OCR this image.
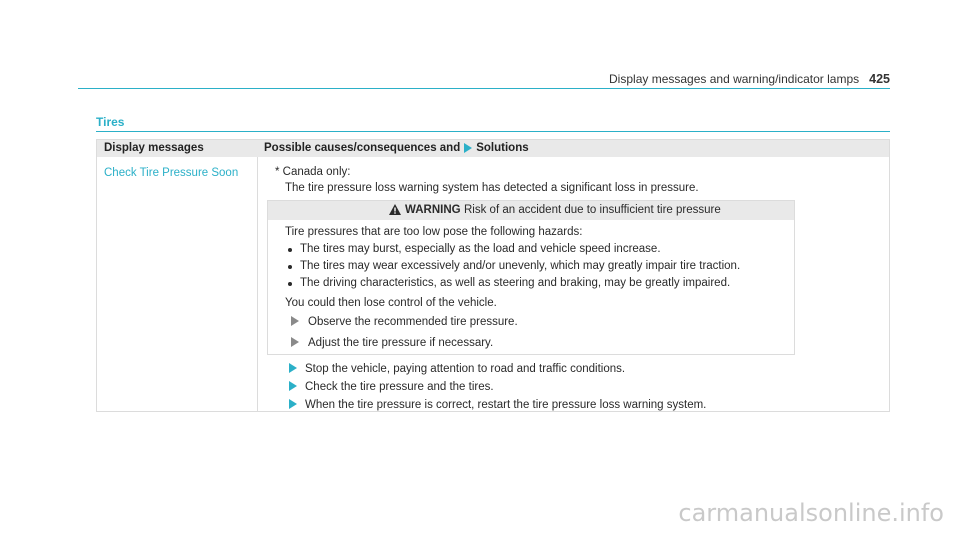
Display messages and warning/indicator lamps 425
Tires
Display messages	Possible causes/consequences and Solutions
Check Tire Pressure Soon	* Canada only:
The tire pressure loss warning system has detected a significant loss in pressure.
WARNING Risk of an accident due to insufficient tire pressure
Tire pressures that are too low pose the following hazards:
The tires may burst, especially as the load and vehicle speed increase.
The tires may wear excessively and/or unevenly, which may greatly impair tire traction.
The driving characteristics, as well as steering and braking, may be greatly impaired.
You could then lose control of the vehicle.
Observe the recommended tire pressure.
Adjust the tire pressure if necessary.
Stop the vehicle, paying attention to road and traffic conditions.
Check the tire pressure and the tires.
When the tire pressure is correct, restart the tire pressure loss warning system.
carmanualsonline.info
